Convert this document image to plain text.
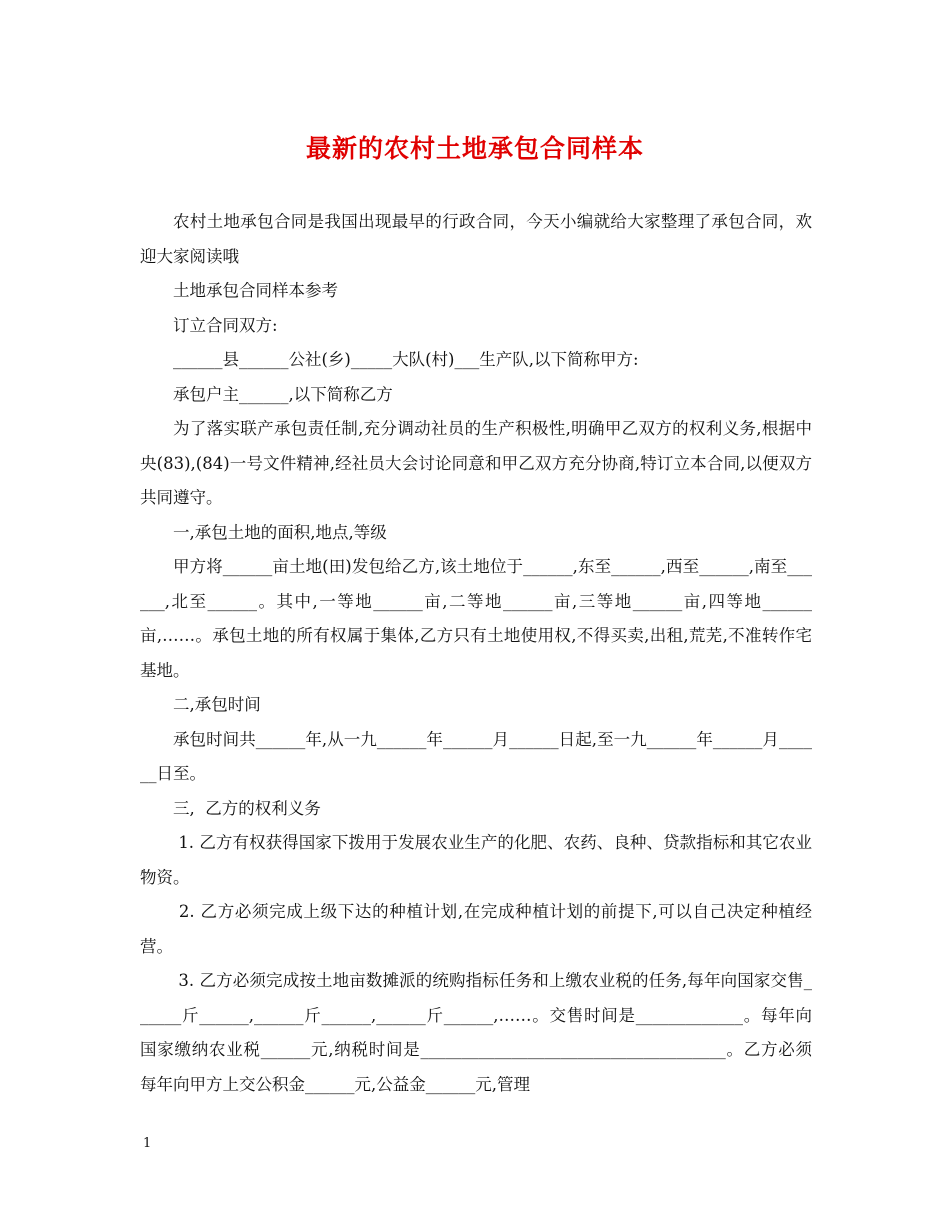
最新的农村土地承包合同样本

农村土地承包合同是我国出现最早的行政合同，今天小编就给大家整理了承包合同，欢迎大家阅读哦

土地承包合同样本参考

订立合同双方:

______县______公社(乡)_____大队(村)___生产队,以下简称甲方:

承包户主______,以下简称乙方

为了落实联产承包责任制,充分调动社员的生产积极性,明确甲乙双方的权利义务,根据中央(83),(84)一号文件精神,经社员大会讨论同意和甲乙双方充分协商,特订立本合同,以便双方共同遵守。

一,承包土地的面积,地点,等级

甲方将______亩土地(田)发包给乙方,该土地位于______,东至______,西至______,南至______,北至______。其中,一等地______亩,二等地______亩,三等地______亩,四等地______亩,……。承包土地的所有权属于集体,乙方只有土地使用权,不得买卖,出租,荒芜,不准转作宅基地。

二,承包时间

承包时间共______年,从一九______年______月______日起,至一九______年______月______日至。

三,  乙方的权利义务

1. 乙方有权获得国家下拨用于发展农业生产的化肥、农药、良种、贷款指标和其它农业物资。

2. 乙方必须完成上级下达的种植计划,在完成种植计划的前提下,可以自己决定种植经营。

3. 乙方必须完成按土地亩数摊派的统购指标任务和上缴农业税的任务,每年向国家交售______斤______,______斤______,______斤______,……。交售时间是_____________。每年向国家缴纳农业税______元,纳税时间是_____________________________________。乙方必须每年向甲方上交公积金______元,公益金______元,管理

1
